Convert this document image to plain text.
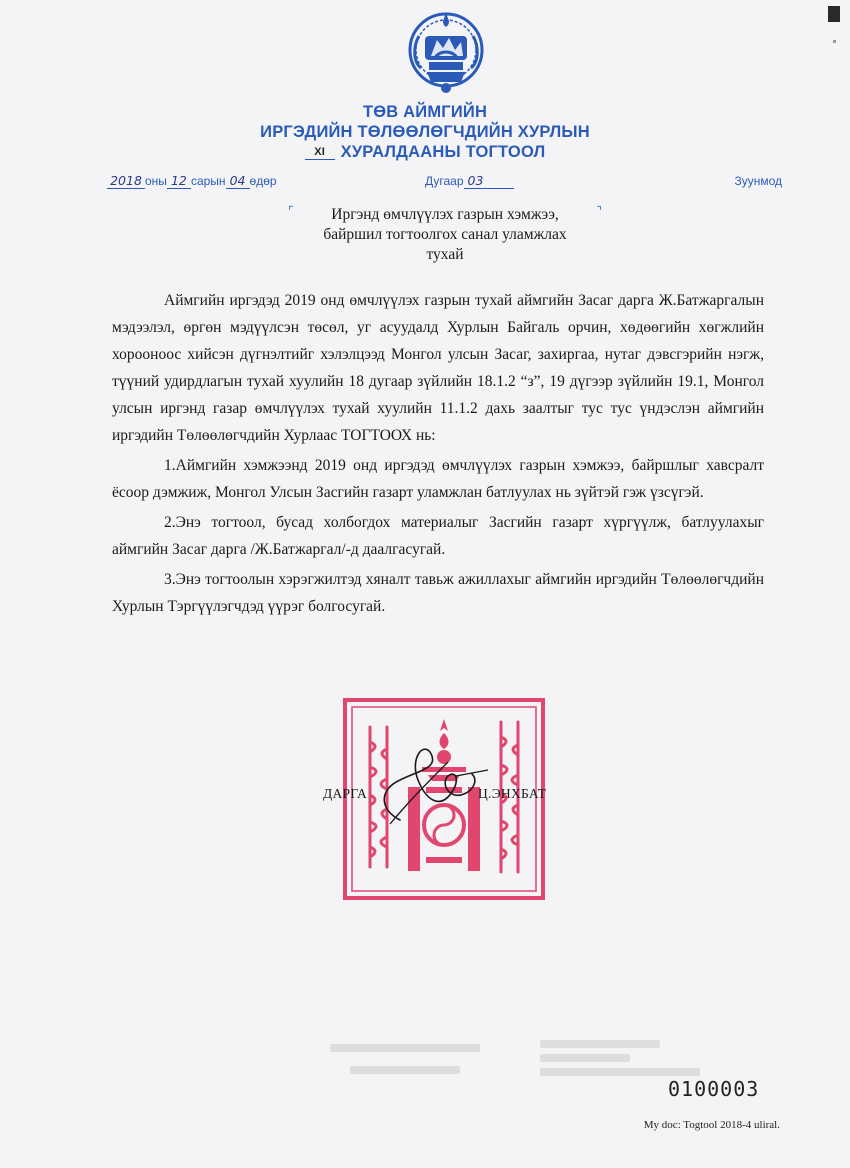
ТӨВ АЙМГИЙН
ИРГЭДИЙН ТӨЛӨӨЛӨГЧДИЙН ХУРЛЫН
XI ХУРАЛДААНЫ ТОГТООЛ
2018 оны 12 сарын 04 өдөр	Дугаар 03	Зуунмод
⌜	⌝
Иргэнд өмчлүүлэх газрын хэмжээ,
байршил тогтоолгох санал уламжлах
тухай

Аймгийн иргэдэд 2019 онд өмчлүүлэх газрын тухай аймгийн Засаг дарга Ж.Батжаргалын мэдээлэл, өргөн мэдүүлсэн төсөл, уг асуудалд Хурлын Байгаль орчин, хөдөөгийн хөгжлийн хорооноос хийсэн дүгнэлтийг хэлэлцээд Монгол улсын Засаг, захиргаа, нутаг дэвсгэрийн нэгж, түүний удирдлагын тухай хуулийн 18 дугаар зүйлийн 18.1.2 “з”, 19 дүгээр зүйлийн 19.1, Монгол улсын иргэнд газар өмчлүүлэх тухай хуулийн 11.1.2 дахь заалтыг тус тус үндэслэн аймгийн иргэдийн Төлөөлөгчдийн Хурлаас ТОГТООХ нь:

1.Аймгийн хэмжээнд 2019 онд иргэдэд өмчлүүлэх газрын хэмжээ, байршлыг хавсралт ёсоор дэмжиж, Монгол Улсын Засгийн газарт уламжлан батлуулах нь зүйтэй гэж үзсүгэй.

2.Энэ тогтоол, бусад холбогдох материалыг Засгийн газарт хүргүүлж, батлуулахыг аймгийн Засаг дарга /Ж.Батжаргал/-д даалгасугай.

3.Энэ тогтоолын хэрэгжилтэд хяналт тавьж ажиллахыг аймгийн иргэдийн Төлөөлөгчдийн Хурлын Тэргүүлэгчдэд үүрэг болгосугай.

ДАРГА	Ц.ЭНХБАТ
0100003
My doc: Togtool 2018-4 uliral.
